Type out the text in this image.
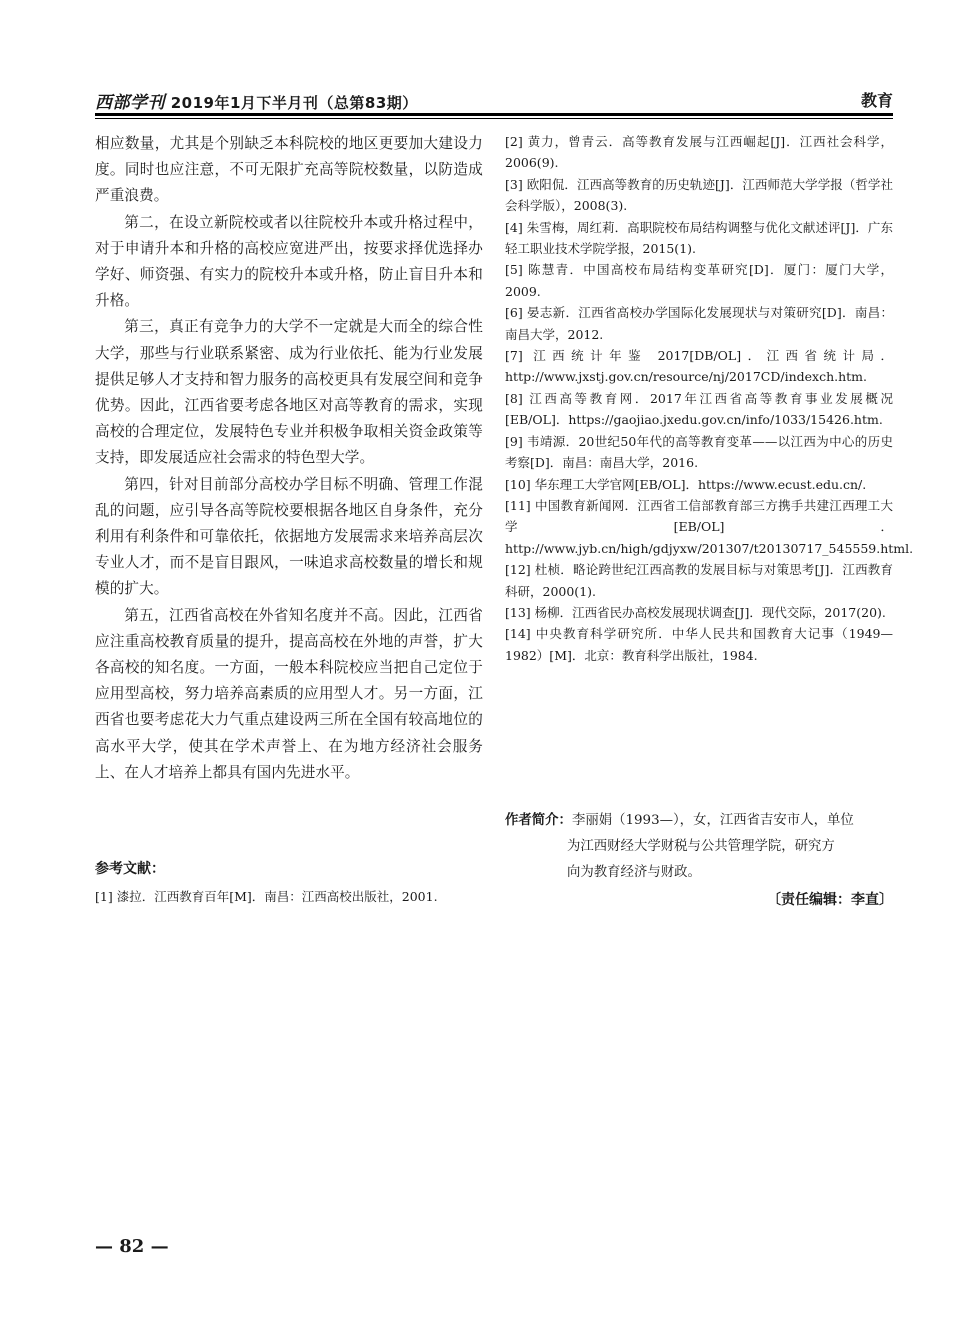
西部学刊 2019年1月下半月刊（总第83期）	教育

相应数量，尤其是个别缺乏本科院校的地区更要加大建设力度。同时也应注意，不可无限扩充高等院校数量，以防造成严重浪费。

第二，在设立新院校或者以往院校升本或升格过程中，对于申请升本和升格的高校应宽进严出，按要求择优选择办学好、师资强、有实力的院校升本或升格，防止盲目升本和升格。

第三，真正有竞争力的大学不一定就是大而全的综合性大学，那些与行业联系紧密、成为行业依托、能为行业发展提供足够人才支持和智力服务的高校更具有发展空间和竞争优势。因此，江西省要考虑各地区对高等教育的需求，实现高校的合理定位，发展特色专业并积极争取相关资金政策等支持，即发展适应社会需求的特色型大学。

第四，针对目前部分高校办学目标不明确、管理工作混乱的问题，应引导各高等院校要根据各地区自身条件，充分利用有利条件和可靠依托，依据地方发展需求来培养高层次专业人才，而不是盲目跟风，一味追求高校数量的增长和规模的扩大。

第五，江西省高校在外省知名度并不高。因此，江西省应注重高校教育质量的提升，提高高校在外地的声誉，扩大各高校的知名度。一方面，一般本科院校应当把自己定位于应用型高校，努力培养高素质的应用型人才。另一方面，江西省也要考虑花大力气重点建设两三所在全国有较高地位的高水平大学，使其在学术声誉上、在为地方经济社会服务上、在人才培养上都具有国内先进水平。

参考文献：
[1] 漆拉．江西教育百年[M]．南昌：江西高校出版社，2001.
[2] 黄力，曾青云．高等教育发展与江西崛起[J]．江西社会科学，2006(9).
[3] 欧阳侃．江西高等教育的历史轨迹[J]．江西师范大学学报（哲学社会科学版），2008(3).
[4] 朱雪梅，周红莉．高职院校布局结构调整与优化文献述评[J]．广东轻工职业技术学院学报，2015(1).
[5] 陈慧青．中国高校布局结构变革研究[D]．厦门：厦门大学，2009.
[6] 晏志新．江西省高校办学国际化发展现状与对策研究[D]．南昌：南昌大学，2012.
[7] 江西统计年鉴 2017[DB/OL]．江西省统计局．http://www.jxstj.gov.cn/resource/nj/2017CD/indexch.htm.
[8] 江西高等教育网．2017年江西省高等教育事业发展概况[EB/OL]．https://gaojiao.jxedu.gov.cn/info/1033/15426.htm.
[9] 韦靖源．20世纪50年代的高等教育变革——以江西为中心的历史考察[D]．南昌：南昌大学，2016.
[10] 华东理工大学官网[EB/OL]．https://www.ecust.edu.cn/.
[11] 中国教育新闻网．江西省工信部教育部三方携手共建江西理工大学[EB/OL]．http://www.jyb.cn/high/gdjyxw/201307/t20130717_545559.html.
[12] 杜桢．略论跨世纪江西高教的发展目标与对策思考[J]．江西教育科研，2000(1).
[13] 杨柳．江西省民办高校发展现状调查[J]．现代交际，2017(20).
[14] 中央教育科学研究所．中华人民共和国教育大记事（1949—1982）[M]．北京：教育科学出版社，1984.
作者简介：李丽娟（1993—），女，江西省吉安市人，单位
为江西财经大学财税与公共管理学院，研究方
向为教育经济与财政。
〔责任编辑：李直〕
— 82 —
